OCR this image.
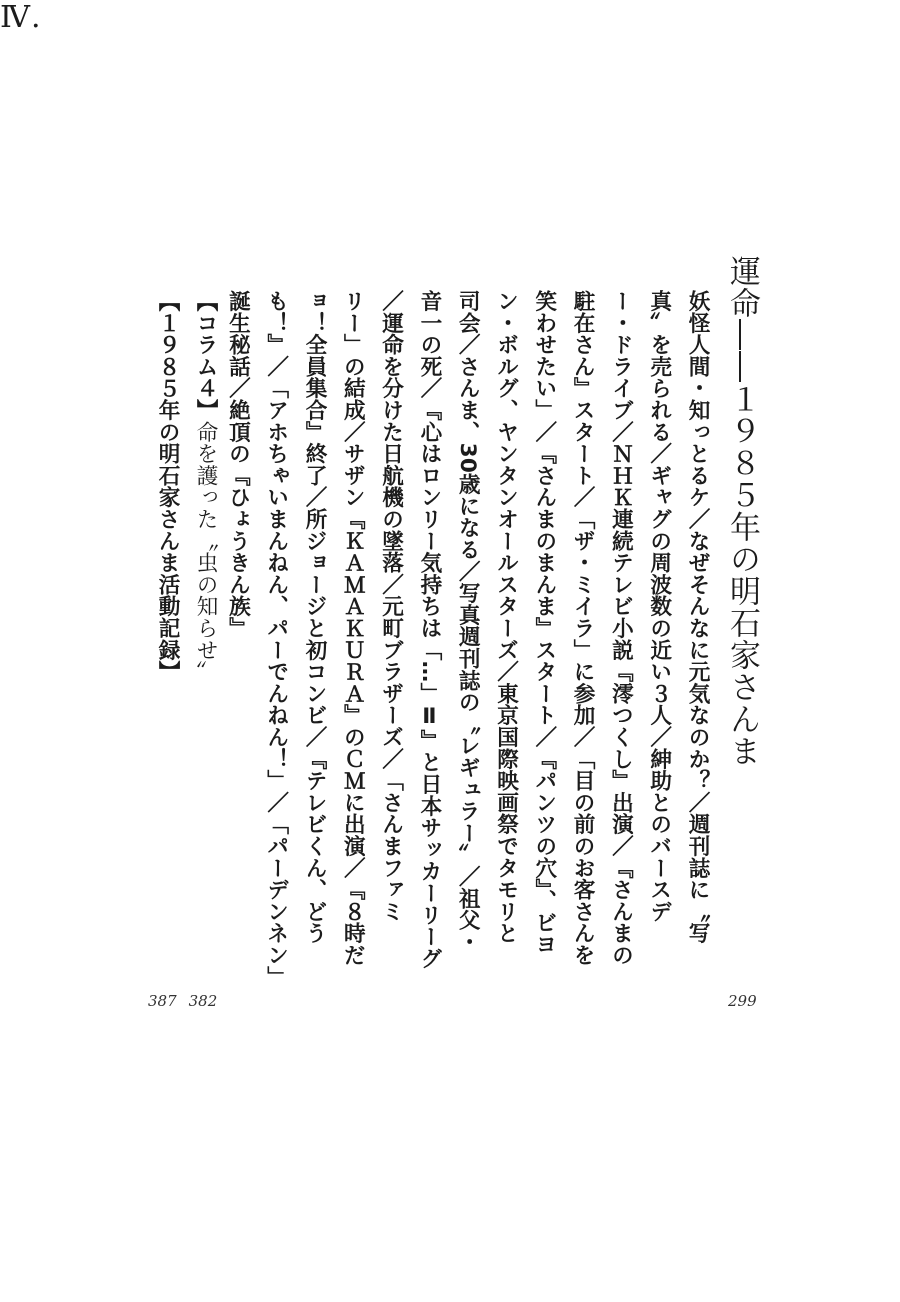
Ⅳ.
運命――１９８５年の明石家さんま
妖怪人間・知っとるケ／なぜそんなに元気なのか？／週刊誌に〝写
真〟を売られる／ギャグの周波数の近い３人／紳助とのバースデ
ー・ドライブ／ＮＨＫ連続テレビ小説『澪つくし』出演／『さんまの
駐在さん』スタート／「ザ・ミイラ」に参加／「目の前のお客さんを
笑わせたい」／『さんまのまんま』スタート／『パンツの穴』、ビヨ
ン・ボルグ、ヤンタンオールスターズ／東京国際映画祭でタモリと
司会／さんま、30歳になる／写真週刊誌の〝レギュラー〟／祖父・
音一の死／『心はロンリー気持ちは「…」Ⅱ』と日本サッカーリーグ
／運命を分けた日航機の墜落／元町ブラザーズ／「さんまファミ
リー」の結成／サザン『ＫＡＭＡＫＵＲＡ』のＣＭに出演／『８時だ
ョ！全員集合』終了／所ジョージと初コンビ／『テレビくん、どう
も！』／「アホちゃいまんねん、パーでんねん！」／「パーデンネン」
誕生秘話／絶頂の『ひょうきん族』
【コラム４】命を護った〝虫の知らせ〟
【１９８５年の明石家さんま活動記録】
299
387 382
